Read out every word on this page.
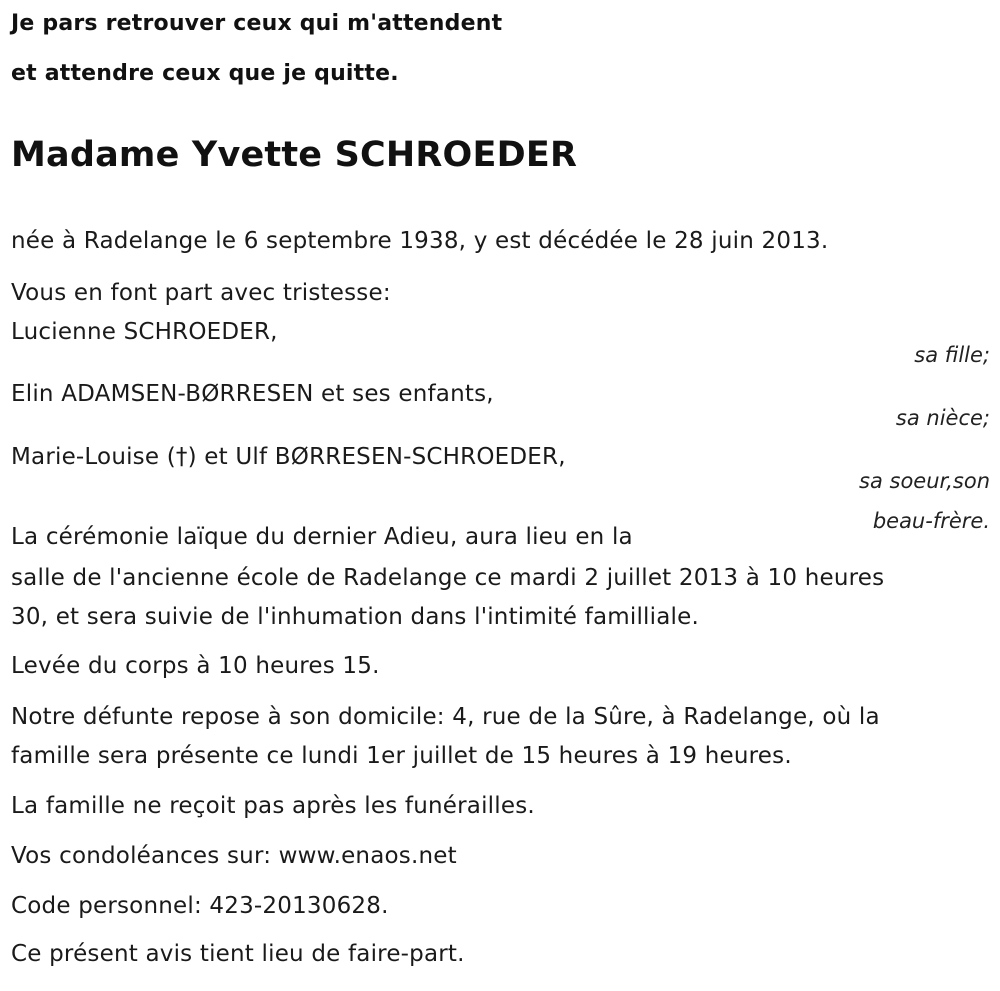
Je pars retrouver ceux qui m'attendent
et attendre ceux que je quitte.
Madame Yvette SCHROEDER
née à Radelange le 6 septembre 1938, y est décédée le 28 juin 2013.
Vous en font part avec tristesse:
Lucienne SCHROEDER,
sa fille;
Elin ADAMSEN-BØRRESEN et ses enfants,
sa nièce;
Marie-Louise (†) et Ulf BØRRESEN-SCHROEDER,
sa soeur,son
beau-frère.
La cérémonie laïque du dernier Adieu, aura lieu en la
salle de l'ancienne école de Radelange ce mardi 2 juillet 2013 à 10 heures
30, et sera suivie de l'inhumation dans l'intimité familliale.
Levée du corps à 10 heures 15.
Notre défunte repose à son domicile: 4, rue de la Sûre, à Radelange, où la
famille sera présente ce lundi 1er juillet de 15 heures à 19 heures.
La famille ne reçoit pas après les funérailles.
Vos condoléances sur: www.enaos.net
Code personnel: 423-20130628.
Ce présent avis tient lieu de faire-part.
